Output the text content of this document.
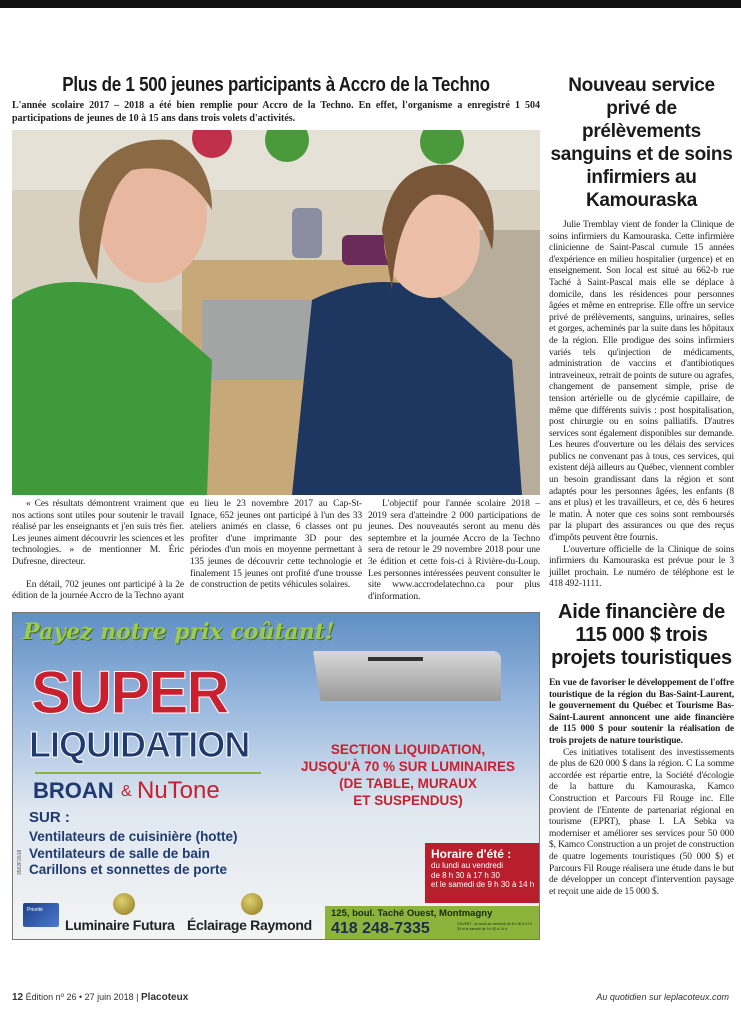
Plus de 1 500 jeunes participants à Accro de la Techno
L'année scolaire 2017 – 2018 a été bien remplie pour Accro de la Techno. En effet, l'organisme a enregistré 1 504 participations de jeunes de 10 à 15 ans dans trois volets d'activités.

« Ces résultats démontrent vraiment que nos actions sont utiles pour soutenir le travail réalisé par les enseignants et j'en suis très fier. Les jeunes aiment découvrir les sciences et les technologies. » de mentionner M. Éric Dufresne, directeur.

En détail, 702 jeunes ont participé à la 2e édition de la journée Accro de la Techno ayant

eu lieu le 23 novembre 2017 au Cap-St-Ignace, 652 jeunes ont participé à l'un des 33 ateliers animés en classe, 6 classes ont pu profiter d'une imprimante 3D pour des périodes d'un mois en moyenne permettant à 135 jeunes de découvrir cette technologie et finalement 15 jeunes ont profité d'une trousse de construction de petits véhicules solaires.

L'objectif pour l'année scolaire 2018 – 2019 sera d'atteindre 2 000 participations de jeunes. Des nouveautés seront au menu dès septembre et la journée Accro de la Techno sera de retour le 29 novembre 2018 pour une 3e édition et cette fois-ci à Rivière-du-Loup. Les personnes intéressées peuvent consulter le site www.accrodelatechno.ca pour plus d'information.

Nouveau service privé de prélèvements sanguins et de soins infirmiers au Kamouraska

Julie Tremblay vient de fonder la Clinique de soins infirmiers du Kamouraska. Cette infirmière clinicienne de Saint-Pascal cumule 15 années d'expérience en milieu hospitalier (urgence) et en enseignement. Son local est situé au 662-b rue Taché à Saint-Pascal mais elle se déplace à domicile, dans les résidences pour personnes âgées et même en entreprise. Elle offre un service privé de prélèvements, sanguins, urinaires, selles et gorges, acheminés par la suite dans les hôpitaux de la région. Elle prodigue des soins infirmiers variés tels qu'injection de médicaments, administration de vaccins et d'antibiotiques intraveineux, retrait de points de suture ou agrafes, changement de pansement simple, prise de tension artérielle ou de glycémie capillaire, de même que différents suivis : post hospitalisation, post chirurgie ou en soins palliatifs. D'autres services sont également disponibles sur demande. Les heures d'ouverture ou les délais des services publics ne convenant pas à tous, ces services, qui existent déjà ailleurs au Québec, viennent combler un besoin grandissant dans la région et sont adaptés pour les personnes âgées, les enfants (8 ans et plus) et les travailleurs, et ce, dès 6 heures le matin. À noter que ces soins sont remboursés par la plupart des assurances ou que des reçus d'impôts peuvent être fournis.

L'ouverture officielle de la Clinique de soins infirmiers du Kamouraska est prévue pour le 3 juillet prochain. Le numéro de téléphone est le 418 492-1111.

Aide financière de 115 000 $ trois projets touristiques

En vue de favoriser le développement de l'offre touristique de la région du Bas-Saint-Laurent, le gouvernement du Québec et Tourisme Bas-Saint-Laurent annoncent une aide financière de 115 000 $ pour soutenir la réalisation de trois projets de nature touristique.

Ces initiatives totalisent des investissements de plus de 620 000 $ dans la région. C La somme accordée est répartie entre, la Société d'écologie de la batture du Kamouraska, Kamco Construction et Parcours Fil Rouge inc. Elle provient de l'Entente de partenariat régional en tourisme (EPRT), phase I. LA Sebka va moderniser et améliorer ses services pour 50 000 $, Kamco Construction a un projet de construction de quatre logements touristiques (50 000 $) et Parcours Fil Rouge réalisera une étude dans le but de développer un concept d'intervention paysage et reçoit une aide de 15 000 $.

Payez notre prix coûtant!
SUPER
LIQUIDATION
BROAN & NuTone
SUR :
Ventilateurs de cuisinière (hotte)
Ventilateurs de salle de bain
Carillons et sonnettes de porte
3562F2618
SECTION LIQUIDATION,
JUSQU'À 70 % SUR LUMINAIRES
(DE TABLE, MURAUX
ET SUSPENDUS)
Horaire d'été :
du lundi au vendredi
de 8 h 30 à 17 h 30
et le samedi de 9 h 30 à 14 h
125, boul. Taché Ouest, Montmagny
418 248-7335	OUVERT : du lundi au vendredi de 8 h 30 à 17 h 30 et le samedi de 9 h 30 à 14 h
Priorité
Luminaire Futura Éclairage Raymond
12 Édition nº 26 • 27 juin 2018 | Placoteux	Au quotidien sur leplacoteux.com
